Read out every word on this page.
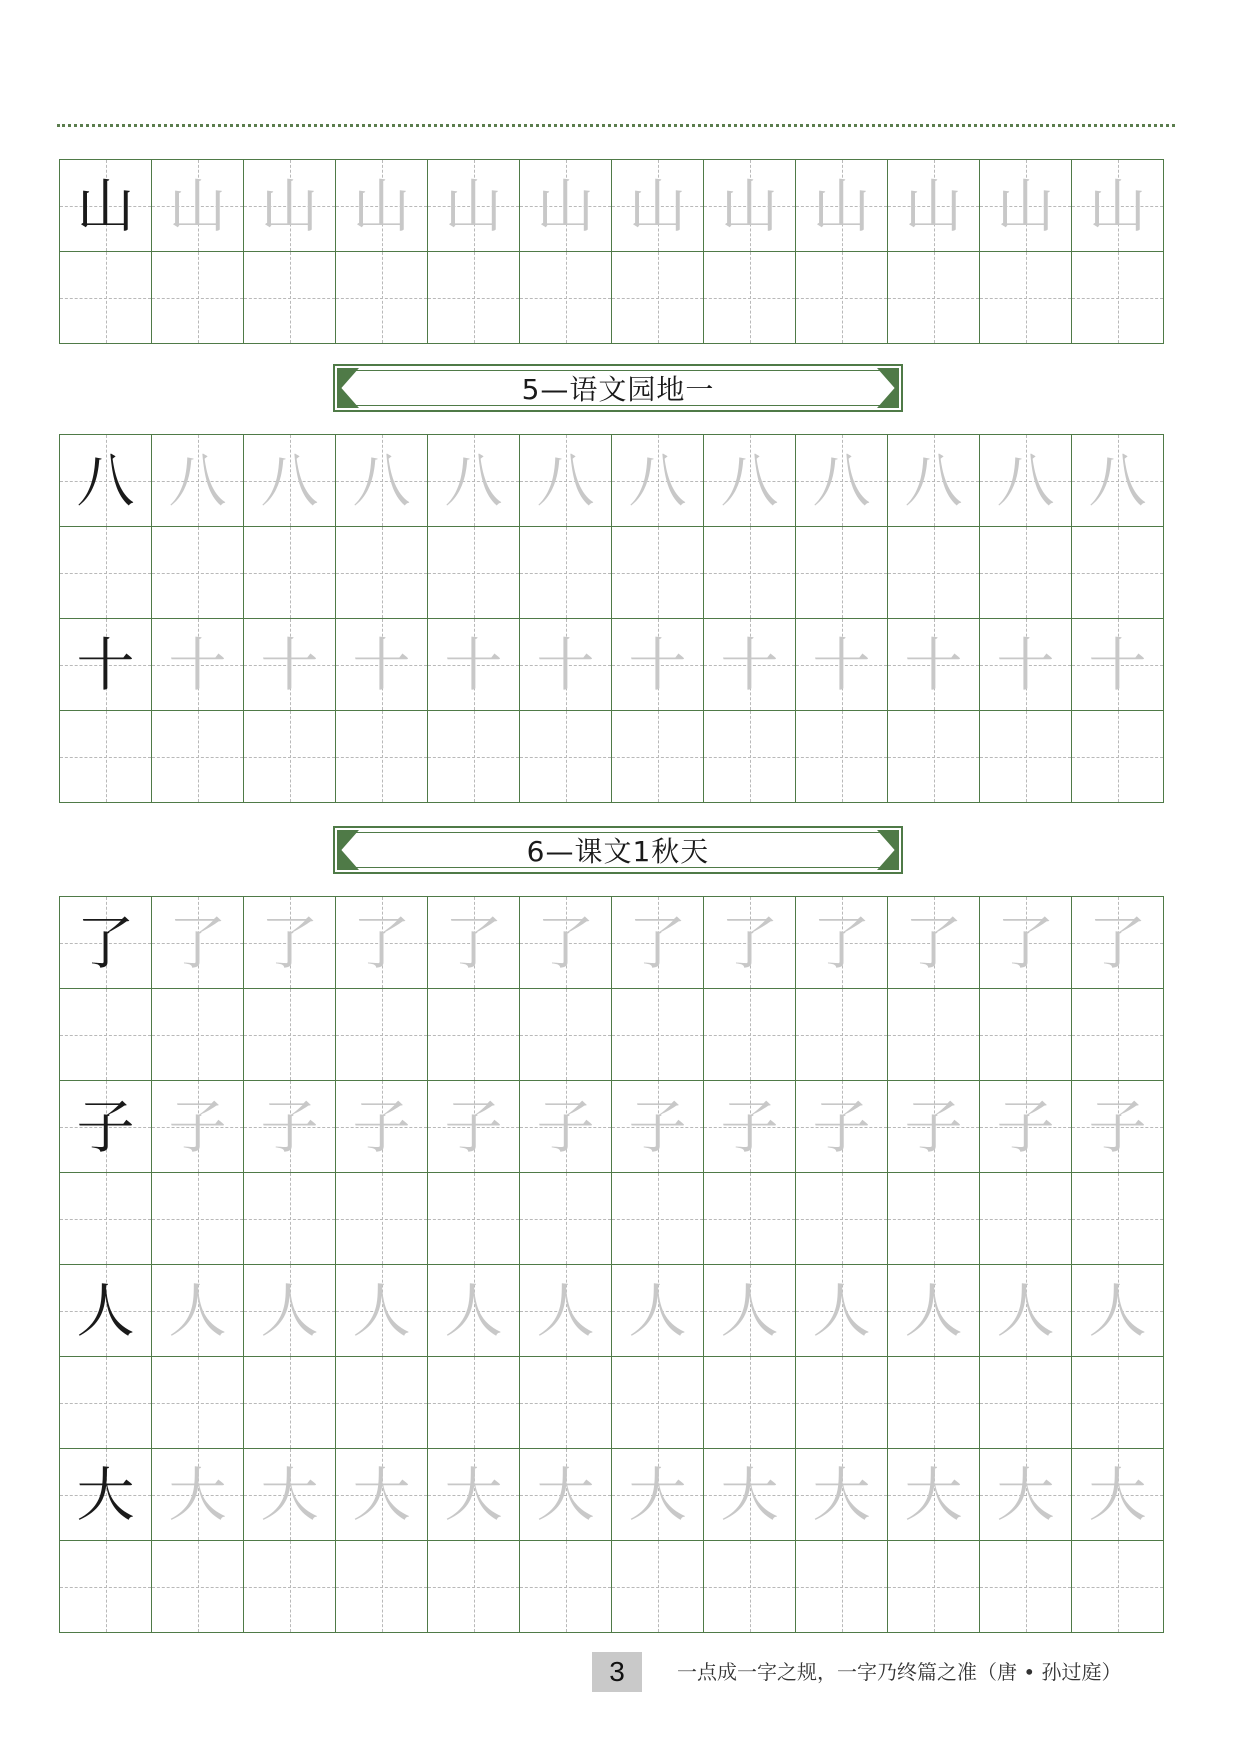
山 山 山 山 山 山 山 山 山 山 山 山
5—语文园地一
八 八 八 八 八 八 八 八 八 八 八 八
十 十 十 十 十 十 十 十 十 十 十 十
6—课文1秋天
了 了 了 了 了 了 了 了 了 了 了 了
子 子 子 子 子 子 子 子 子 子 子 子
人 人 人 人 人 人 人 人 人 人 人 人
大 大 大 大 大 大 大 大 大 大 大 大
3	一点成一字之规，一字乃终篇之准（唐 • 孙过庭）
